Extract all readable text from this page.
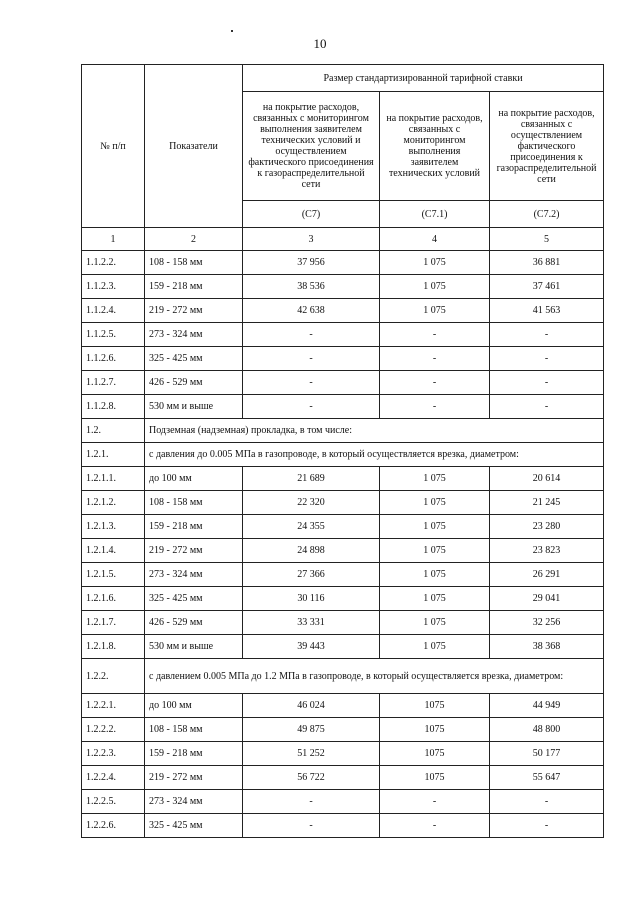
10
№ п/п	Показатели	Размер стандартизированной тарифной ставки		
		на покрытие расходов, связанных с мониторингом выполнения заявителем технических условий и осуществлением фактического присоединения к газораспределительной сети	на покрытие расходов, связанных с мониторингом выполнения заявителем технических условий	на покрытие расходов, связанных с осуществлением фактического присоединения к газораспределительной сети
		(С7)	(С7.1)	(С7.2)
1	2	3	4	5
1.1.2.2.	108 - 158 мм	37 956	1 075	36 881
1.1.2.3.	159 - 218 мм	38 536	1 075	37 461
1.1.2.4.	219 - 272 мм	42 638	1 075	41 563
1.1.2.5.	273 - 324 мм	-	-	-
1.1.2.6.	325 - 425 мм	-	-	-
1.1.2.7.	426 - 529 мм	-	-	-
1.1.2.8.	530 мм и выше	-	-	-
1.2.	Подземная (надземная) прокладка, в том числе:			
1.2.1.	с давления до 0.005 МПа в газопроводе, в который осуществляется врезка, диаметром:			
1.2.1.1.	до 100 мм	21 689	1 075	20 614
1.2.1.2.	108 - 158 мм	22 320	1 075	21 245
1.2.1.3.	159 - 218 мм	24 355	1 075	23 280
1.2.1.4.	219 - 272 мм	24 898	1 075	23 823
1.2.1.5.	273 - 324 мм	27 366	1 075	26 291
1.2.1.6.	325 - 425 мм	30 116	1 075	29 041
1.2.1.7.	426 - 529 мм	33 331	1 075	32 256
1.2.1.8.	530 мм и выше	39 443	1 075	38 368
1.2.2.	с давлением 0.005 МПа до 1.2 МПа в газопроводе, в который осуществляется врезка, диаметром:			
1.2.2.1.	до 100 мм	46 024	1075	44 949
1.2.2.2.	108 - 158 мм	49 875	1075	48 800
1.2.2.3.	159 - 218 мм	51 252	1075	50 177
1.2.2.4.	219 - 272 мм	56 722	1075	55 647
1.2.2.5.	273 - 324 мм	-	-	-
1.2.2.6.	325 - 425 мм	-	-	-
